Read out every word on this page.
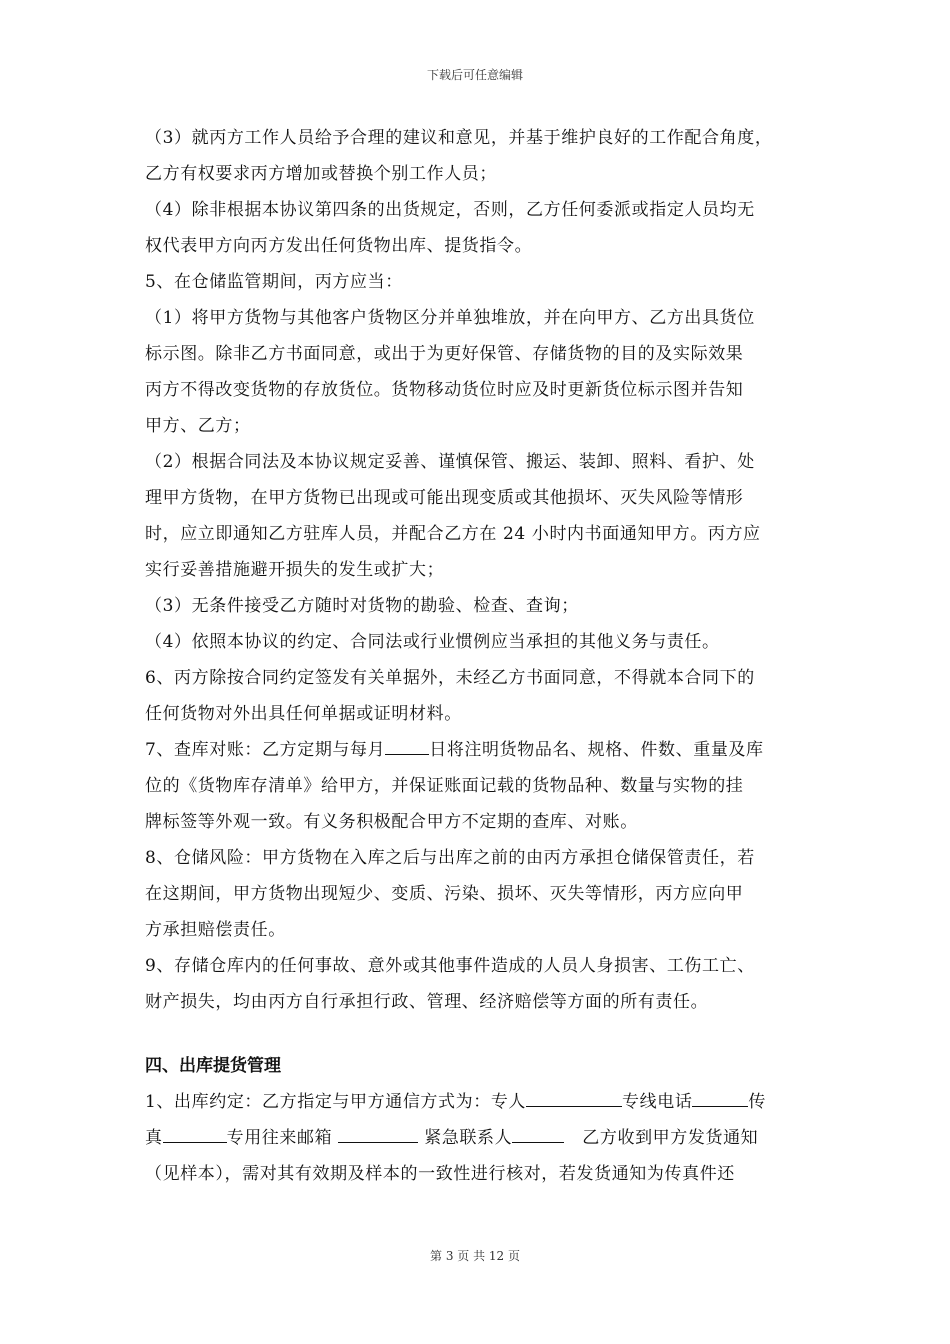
下载后可任意编辑
（3）就丙方工作人员给予合理的建议和意见，并基于维护良好的工作配合角度，
乙方有权要求丙方增加或替换个别工作人员；
（4）除非根据本协议第四条的出货规定，否则，乙方任何委派或指定人员均无
权代表甲方向丙方发出任何货物出库、提货指令。
5、在仓储监管期间，丙方应当：
（1）将甲方货物与其他客户货物区分并单独堆放，并在向甲方、乙方出具货位
标示图。除非乙方书面同意，或出于为更好保管、存储货物的目的及实际效果
丙方不得改变货物的存放货位。货物移动货位时应及时更新货位标示图并告知
甲方、乙方；
（2）根据合同法及本协议规定妥善、谨慎保管、搬运、装卸、照料、看护、处
理甲方货物，在甲方货物已出现或可能出现变质或其他损坏、灭失风险等情形
时，应立即通知乙方驻库人员，并配合乙方在 24 小时内书面通知甲方。丙方应
实行妥善措施避开损失的发生或扩大；
（3）无条件接受乙方随时对货物的勘验、检查、查询；
（4）依照本协议的约定、合同法或行业惯例应当承担的其他义务与责任。
6、丙方除按合同约定签发有关单据外，未经乙方书面同意，不得就本合同下的
任何货物对外出具任何单据或证明材料。
7、查库对账：乙方定期与每月	日将注明货物品名、规格、件数、重量及库
位的《货物库存清单》给甲方，并保证账面记载的货物品种、数量与实物的挂
牌标签等外观一致。有义务积极配合甲方不定期的查库、对账。
8、仓储风险：甲方货物在入库之后与出库之前的由丙方承担仓储保管责任，若
在这期间，甲方货物出现短少、变质、污染、损坏、灭失等情形，丙方应向甲
方承担赔偿责任。
9、存储仓库内的任何事故、意外或其他事件造成的人员人身损害、工伤工亡、
财产损失，均由丙方自行承担行政、管理、经济赔偿等方面的所有责任。
四、出库提货管理
1、出库约定：乙方指定与甲方通信方式为：专人	专线电话	传
真	专用往来邮箱	紧急联系人	乙方收到甲方发货通知
（见样本），需对其有效期及样本的一致性进行核对，若发货通知为传真件还
第 3 页 共 12 页
